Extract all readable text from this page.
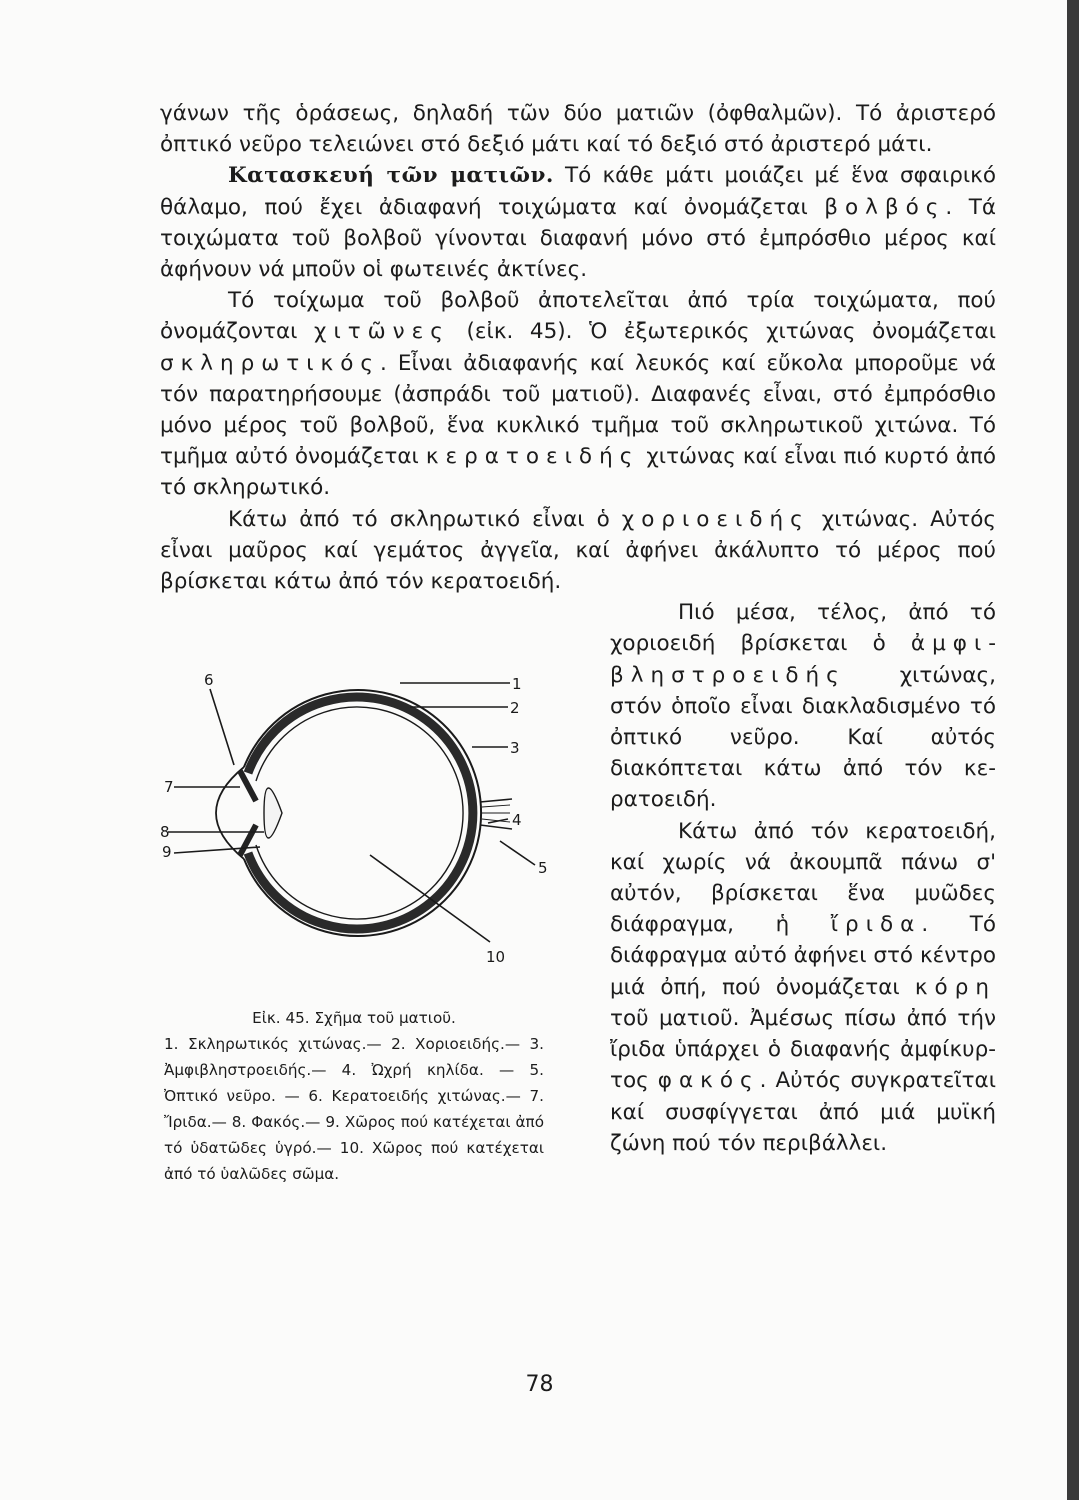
γάνων τῆς ὁράσεως, δηλαδή τῶν δύο ματιῶν (ὀφθαλμῶν). Τό ἀριστερό ὀπτικό νεῦρο τελειώνει στό δεξιό μάτι καί τό δεξιό στό ἀριστερό μάτι.

Κατασκευή τῶν ματιῶν. Τό κάθε μάτι μοιάζει μέ ἕνα σφαιρικό θάλαμο, πού ἔχει ἀδιαφανή τοιχώματα καί ὀνομάζεται βολβός. Τά τοιχώματα τοῦ βολβοῦ γίνονται διαφανή μόνο στό ἐμπρόσθιο μέρος καί ἀφήνουν νά μποῦν οἱ φωτεινές ἀκτίνες.

Τό τοίχωμα τοῦ βολβοῦ ἀποτελεῖται ἀπό τρία τοιχώματα, πού ὀνομάζονται χιτῶνες (εἰκ. 45). Ὁ ἐξωτερικός χιτώνας ὀνομάζεται σκληρωτικός. Εἶναι ἀδιαφανής καί λευκός καί εὔκολα μποροῦμε νά τόν παρατηρήσουμε (ἀσπράδι τοῦ ματιοῦ). Διαφανές εἶναι, στό ἐμπρόσθιο μόνο μέρος τοῦ βολβοῦ, ἕνα κυκλικό τμῆμα τοῦ σκληρωτικοῦ χιτώνα. Τό τμῆμα αὐτό ὀνομάζεται κερατοειδής χιτώνας καί εἶναι πιό κυρτό ἀπό τό σκληρωτικό.

Κάτω ἀπό τό σκληρωτικό εἶναι ὁ χοριοειδής χιτώνας. Αὐτός εἶναι μαῦρος καί γεμάτος ἀγγεῖα, καί ἀφήνει ἀκάλυπτο τό μέρος πού βρίσκεται κάτω ἀπό τόν κερατοειδή.

1
2
3
4
5
6
7
8
9
10
Εἰκ. 45. Σχῆμα τοῦ ματιοῦ.
1. Σκληρωτικός χιτώνας.— 2. Χοριοειδής.— 3. Ἀμφιβληστροειδής.— 4. Ὠχρή κηλίδα. — 5. Ὀπτικό νεῦρο. — 6. Κερατοειδής χιτώνας.— 7. Ἴριδα.— 8. Φακός.— 9. Χῶρος πού κατέχεται ἀπό τό ὑδατῶδες ὑγρό.— 10. Χῶρος πού κατέχεται ἀπό τό ὑαλῶδες σῶμα.

Πιό μέσα, τέλος, ἀπό τό χοριοειδή βρίσκεται ὁ ἀμφιβληστροειδής χιτώνας, στόν ὁποῖο εἶναι διακλαδισμένο τό ὀπτικό νεῦρο. Καί αὐτός διακόπτεται κάτω ἀπό τόν κερατοειδή.

Κάτω ἀπό τόν κερατοειδή, καί χωρίς νά ἀκουμπᾶ πάνω σ' αὐτόν, βρίσκεται ἕνα μυῶδες διάφραγμα, ἡ ἴριδα. Τό διάφραγμα αὐτό ἀφήνει στό κέντρο μιά ὀπή, πού ὀνομάζεται κόρη τοῦ ματιοῦ. Ἀμέσως πίσω ἀπό τήν ἴριδα ὑπάρχει ὁ διαφανής ἀμφίκυρτος φακός. Αὐτός συγκρατεῖται καί συσφίγγεται ἀπό μιά μυϊκή ζώνη πού τόν περιβάλλει.

78
